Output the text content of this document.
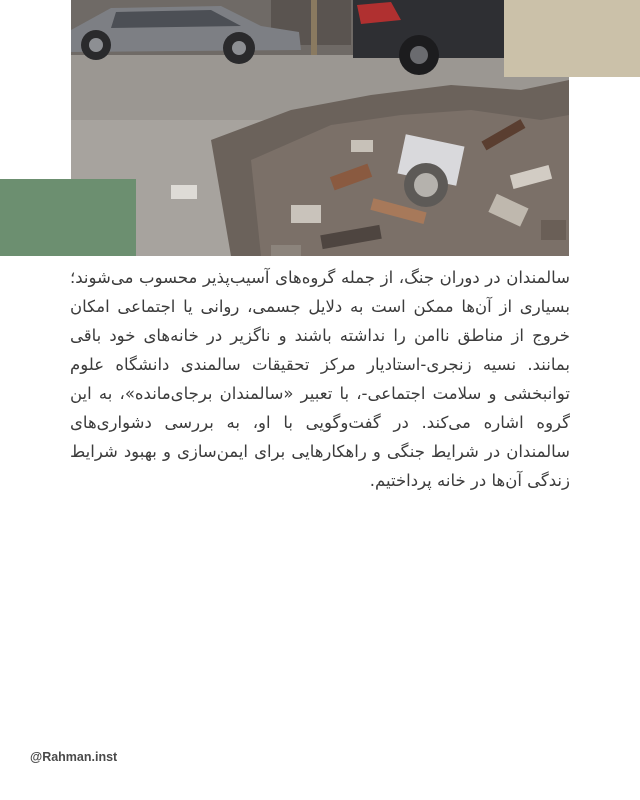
سالمندان در دوران جنگ، از جمله گروه‌های آسیب‌پذیر محسوب می‌شوند؛ بسیاری از آن‌ها ممکن است به دلایل جسمی، روانی یا اجتماعی امکان خروج از مناطق ناامن را نداشته باشند و ناگزیر در خانه‌های خود باقی بمانند. نسیه زنجری-استادیار مرکز تحقیقات سالمندی دانشگاه علوم توانبخشی و سلامت اجتماعی-، با تعبیر «سالمندان برجای‌مانده»، به این گروه اشاره می‌کند. در گفت‌وگویی با او، به بررسی دشواری‌های سالمندان در شرایط جنگی و راهکارهایی برای ایمن‌سازی و بهبود شرایط زندگی آن‌ها در خانه پرداختیم.

@Rahman.inst
